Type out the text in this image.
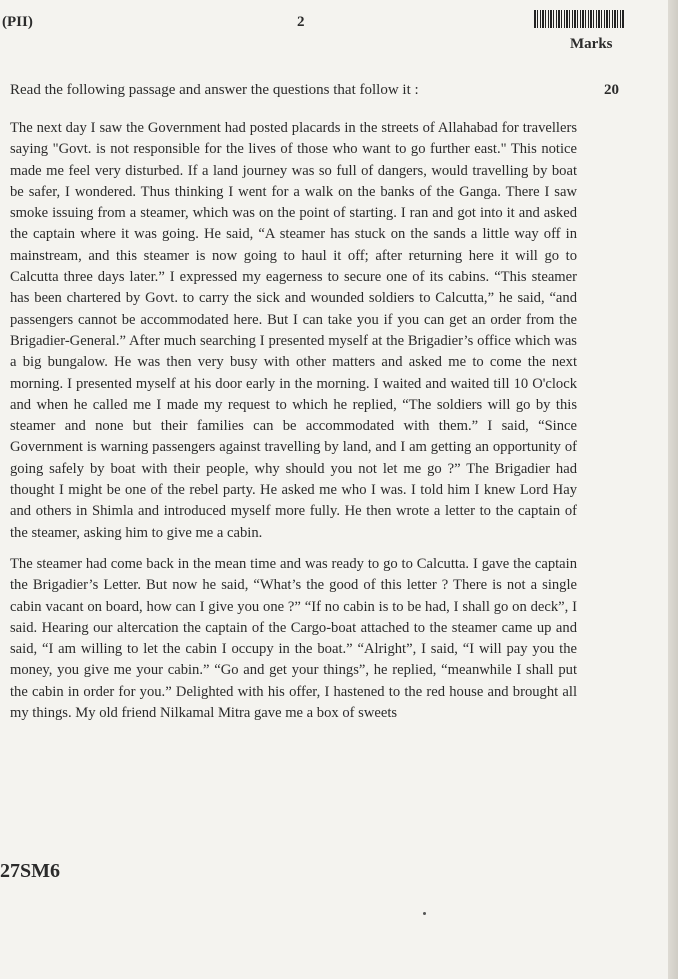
(PII)	2
Marks
Read the following passage and answer the questions that follow it :	20

The next day I saw the Government had posted placards in the streets of Allahabad for travellers saying "Govt. is not responsible for the lives of those who want to go further east." This notice made me feel very disturbed. If a land journey was so full of dangers, would travelling by boat be safer, I wondered. Thus thinking I went for a walk on the banks of the Ganga. There I saw smoke issuing from a steamer, which was on the point of starting. I ran and got into it and asked the captain where it was going. He said, “A steamer has stuck on the sands a little way off in mainstream, and this steamer is now going to haul it off; after returning here it will go to Calcutta three days later.” I expressed my eagerness to secure one of its cabins. “This steamer has been chartered by Govt. to carry the sick and wounded soldiers to Calcutta,” he said, “and passengers cannot be accommodated here. But I can take you if you can get an order from the Brigadier-General.” After much searching I presented myself at the Brigadier’s office which was a big bungalow. He was then very busy with other matters and asked me to come the next morning. I presented myself at his door early in the morning. I waited and waited till 10 O'clock and when he called me I made my request to which he replied, “The soldiers will go by this steamer and none but their families can be accommodated with them.” I said, “Since Government is warning passengers against travelling by land, and I am getting an opportunity of going safely by boat with their people, why should you not let me go ?” The Brigadier had thought I might be one of the rebel party. He asked me who I was. I told him I knew Lord Hay and others in Shimla and introduced myself more fully. He then wrote a letter to the captain of the steamer, asking him to give me a cabin.

The steamer had come back in the mean time and was ready to go to Calcutta. I gave the captain the Brigadier’s Letter. But now he said, “What’s the good of this letter ? There is not a single cabin vacant on board, how can I give you one ?” “If no cabin is to be had, I shall go on deck”, I said. Hearing our altercation the captain of the Cargo-boat attached to the steamer came up and said, “I am willing to let the cabin I occupy in the boat.” “Alright”, I said, “I will pay you the money, you give me your cabin.” “Go and get your things”, he replied, “meanwhile I shall put the cabin in order for you.” Delighted with his offer, I hastened to the red house and brought all my things. My old friend Nilkamal Mitra gave me a box of sweets

27SM6
